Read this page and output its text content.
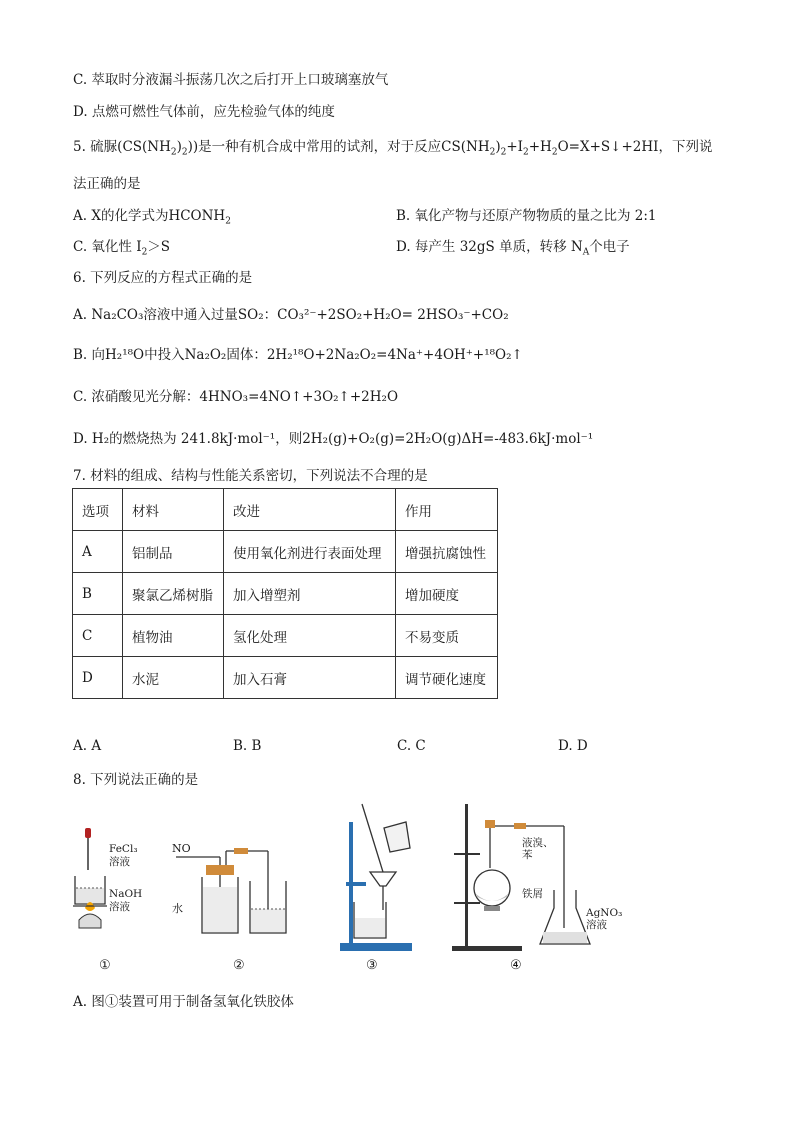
C. 萃取时分液漏斗振荡几次之后打开上口玻璃塞放气
D. 点燃可燃性气体前，应先检验气体的纯度
5. 硫脲$(CS(NH_2)_2)$)是一种有机合成中常用的试剂，对于反应$CS(NH_2)_2+I_2+H_2O=X+S↓+2HI$，下列说
法正确的是
A. X的化学式为$HCONH_2$	B. 氧化产物与还原产物物质的量之比为 2:1
C. 氧化性 $I_2>S$	D. 每产生 32gS 单质，转移 $N_A$个电子
6. 下列反应的方程式正确的是
A. Na₂CO₃溶液中通入过量SO₂：CO₃²⁻+2SO₂+H₂O= 2HSO₃⁻+CO₂
B. 向H₂¹⁸O中投入Na₂O₂固体：2H₂¹⁸O+2Na₂O₂=4Na⁺+4OH⁺+¹⁸O₂↑
C. 浓硝酸见光分解：4HNO₃=4NO↑+3O₂↑+2H₂O
D. H₂的燃烧热为 241.8kJ·mol⁻¹，则2H₂(g)+O₂(g)=2H₂O(g)ΔH=-483.6kJ·mol⁻¹
7. 材料的组成、结构与性能关系密切，下列说法不合理的是
选项	材料	改进	作用
A	铝制品	使用氧化剂进行表面处理	增强抗腐蚀性
B	聚氯乙烯树脂	加入增塑剂	增加硬度
C	植物油	氢化处理	不易变质
D	水泥	加入石膏	调节硬化速度
A. A	B. B	C. C	D. D
8. 下列说法正确的是
FeCl₃
溶液
NaOH
溶液
①
NO
水
②	③
液溴、
苯
铁屑
AgNO₃
溶液
④
A. 图①装置可用于制备氢氧化铁胶体
